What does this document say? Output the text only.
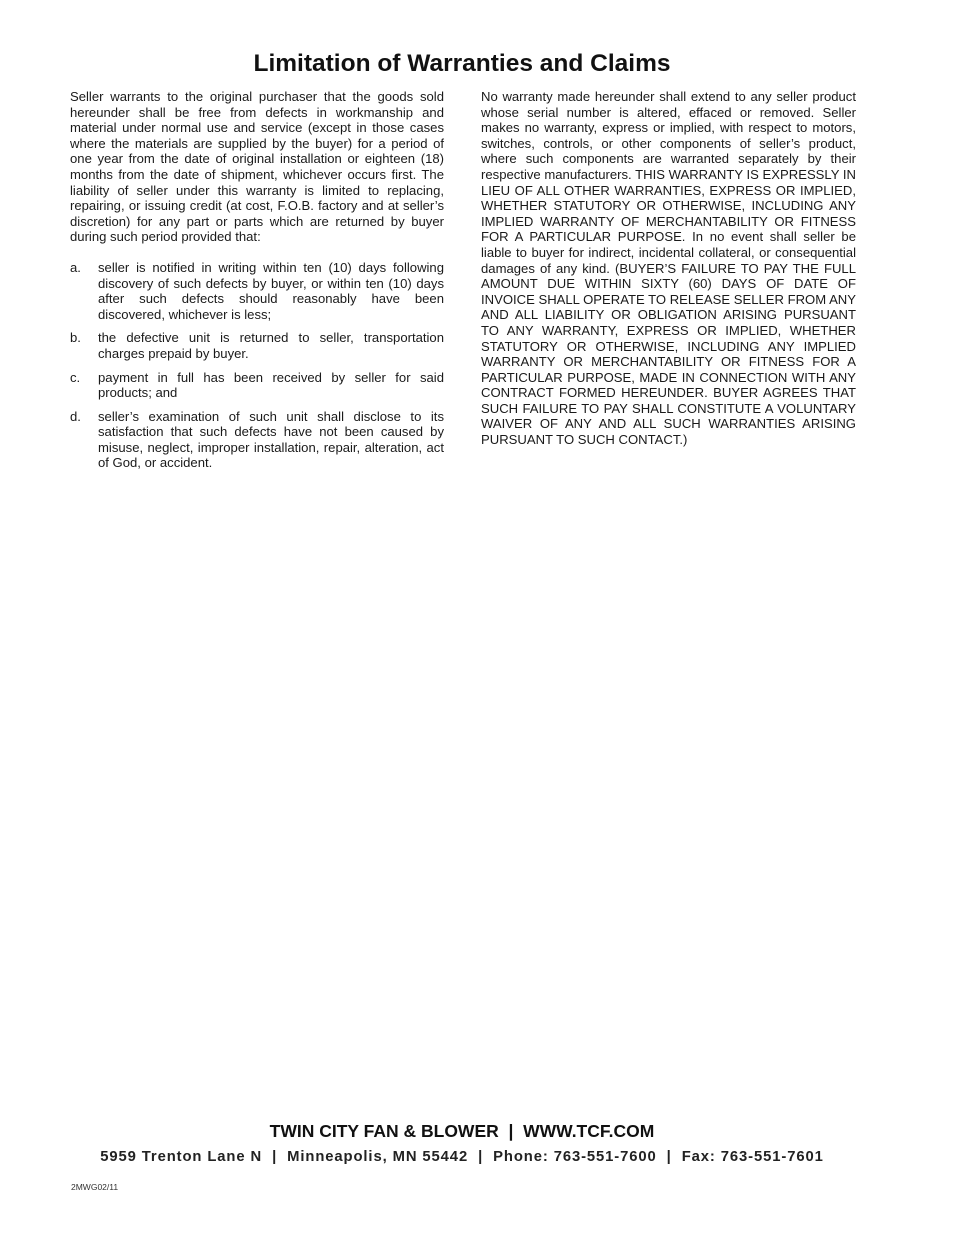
Limitation of Warranties and Claims

Seller warrants to the original purchaser that the goods sold hereunder shall be free from defects in workmanship and material under normal use and service (except in those cases where the materials are supplied by the buyer) for a period of one year from the date of original installation or eighteen (18) months from the date of shipment, whichever occurs first. The liability of seller under this warranty is limited to replacing, repairing, or issuing credit (at cost, F.O.B. factory and at seller’s discretion) for any part or parts which are returned by buyer during such period provided that:

a.	seller is notified in writing within ten (10) days following discovery of such defects by buyer, or within ten (10) days after such defects should reasonably have been discovered, whichever is less;
b.	the defective unit is returned to seller, transportation charges prepaid by buyer.
c.	payment in full has been received by seller for said products; and
d.	seller’s examination of such unit shall disclose to its satisfaction that such defects have not been caused by misuse, neglect, improper installation, repair, alteration, act of God, or accident.

No warranty made hereunder shall extend to any seller product whose serial number is altered, effaced or removed. Seller makes no warranty, express or implied, with respect to motors, switches, controls, or other components of seller’s product, where such components are warranted separately by their respective manufacturers. THIS WARRANTY IS EXPRESSLY IN LIEU OF ALL OTHER WARRANTIES, EXPRESS OR IMPLIED, WHETHER STATUTORY OR OTHERWISE, INCLUDING ANY IMPLIED WARRANTY OF MERCHANTABILITY OR FITNESS FOR A PARTICULAR PURPOSE. In no event shall seller be liable to buyer for indirect, incidental collateral, or consequential damages of any kind. (BUYER’S FAILURE TO PAY THE FULL AMOUNT DUE WITHIN SIXTY (60) DAYS OF DATE OF INVOICE SHALL OPERATE TO RELEASE SELLER FROM ANY AND ALL LIABILITY OR OBLIGATION ARISING PURSUANT TO ANY WARRANTY, EXPRESS OR IMPLIED, WHETHER STATUTORY OR OTHERWISE, INCLUDING ANY IMPLIED WARRANTY OR MERCHANTABILITY OR FITNESS FOR A PARTICULAR PURPOSE, MADE IN CONNECTION WITH ANY CONTRACT FORMED HEREUNDER. BUYER AGREES THAT SUCH FAILURE TO PAY SHALL CONSTITUTE A VOLUNTARY WAIVER OF ANY AND ALL SUCH WARRANTIES ARISING PURSUANT TO SUCH CONTACT.)

TWIN CITY FAN & BLOWER  |  WWW.TCF.COM
5959 Trenton Lane N  |  Minneapolis, MN 55442  |  Phone: 763-551-7600  |  Fax: 763-551-7601
2MWG02/11
